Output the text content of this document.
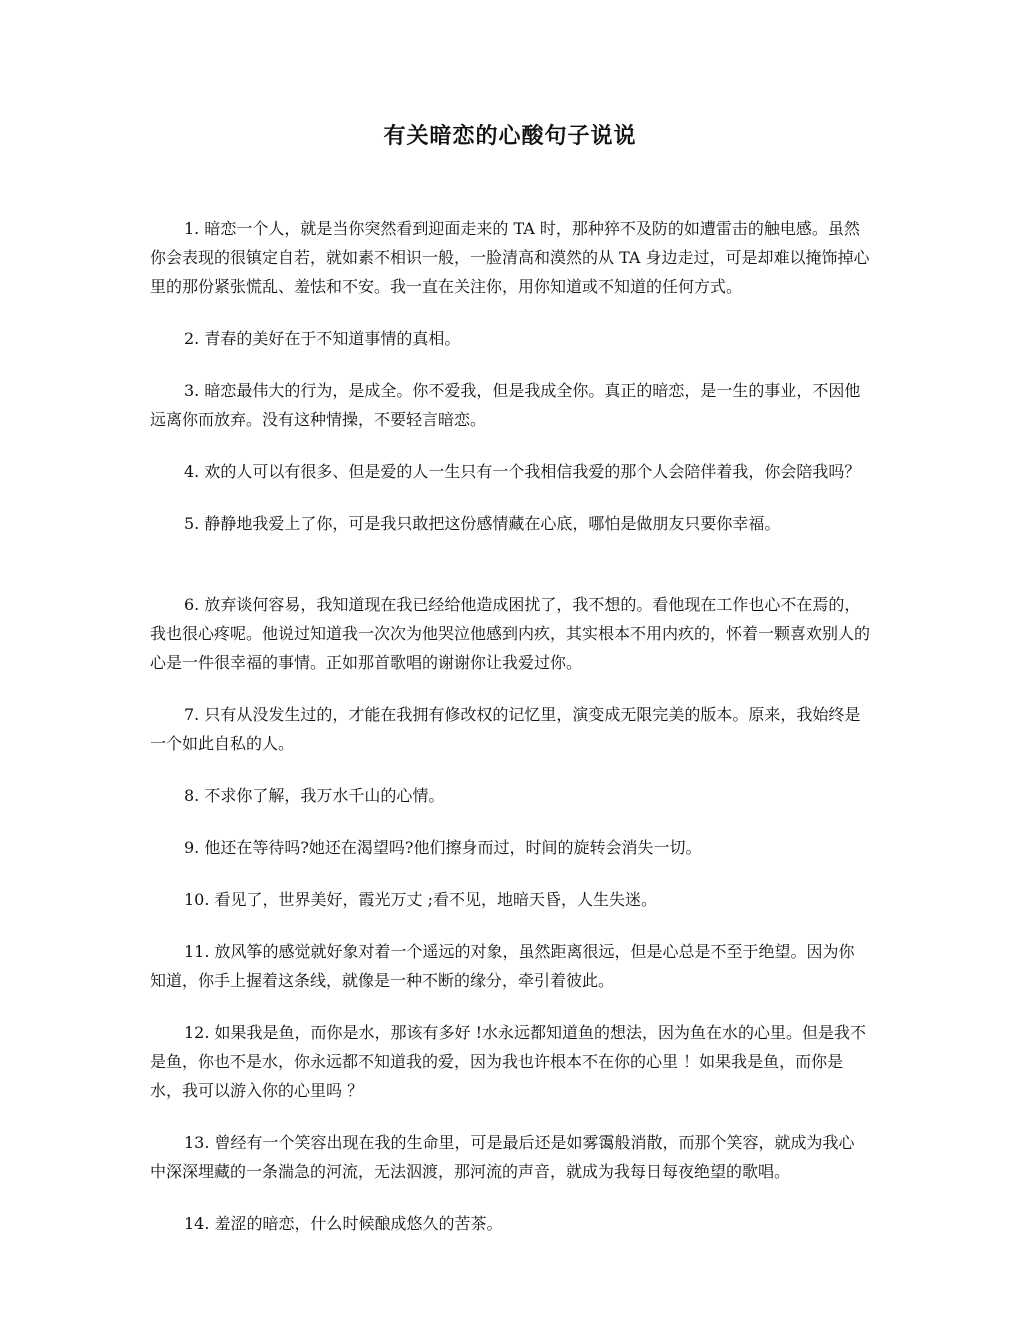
有关暗恋的心酸句子说说

1. 暗恋一个人，就是当你突然看到迎面走来的 TA 时，那种猝不及防的如遭雷击的触电感。虽然你会表现的很镇定自若，就如素不相识一般，一脸清高和漠然的从 TA 身边走过，可是却难以掩饰掉心里的那份紧张慌乱、羞怯和不安。我一直在关注你，用你知道或不知道的任何方式。

2. 青春的美好在于不知道事情的真相。

3. 暗恋最伟大的行为，是成全。你不爱我，但是我成全你。真正的暗恋，是一生的事业，不因他远离你而放弃。没有这种情操，不要轻言暗恋。

4. 欢的人可以有很多、但是爱的人一生只有一个我相信我爱的那个人会陪伴着我，你会陪我吗？

5. 静静地我爱上了你，可是我只敢把这份感情藏在心底，哪怕是做朋友只要你幸福。

6. 放弃谈何容易，我知道现在我已经给他造成困扰了，我不想的。看他现在工作也心不在焉的，我也很心疼呢。他说过知道我一次次为他哭泣他感到内疚，其实根本不用内疚的，怀着一颗喜欢别人的心是一件很幸福的事情。正如那首歌唱的谢谢你让我爱过你。

7. 只有从没发生过的，才能在我拥有修改权的记忆里，演变成无限完美的版本。原来，我始终是一个如此自私的人。

8. 不求你了解，我万水千山的心情。

9. 他还在等待吗?她还在渴望吗?他们擦身而过，时间的旋转会消失一切。

10. 看见了，世界美好，霞光万丈 ;看不见，地暗天昏，人生失迷。

11. 放风筝的感觉就好象对着一个遥远的对象，虽然距离很远，但是心总是不至于绝望。因为你知道，你手上握着这条线，就像是一种不断的缘分，牵引着彼此。

12. 如果我是鱼，而你是水，那该有多好 !水永远都知道鱼的想法，因为鱼在水的心里。但是我不是鱼，你也不是水，你永远都不知道我的爱，因为我也许根本不在你的心里 ！如果我是鱼，而你是水，我可以游入你的心里吗 ？

13. 曾经有一个笑容出现在我的生命里，可是最后还是如雾霭般消散，而那个笑容，就成为我心中深深埋藏的一条湍急的河流，无法泅渡，那河流的声音，就成为我每日每夜绝望的歌唱。

14. 羞涩的暗恋，什么时候酿成悠久的苦茶。
